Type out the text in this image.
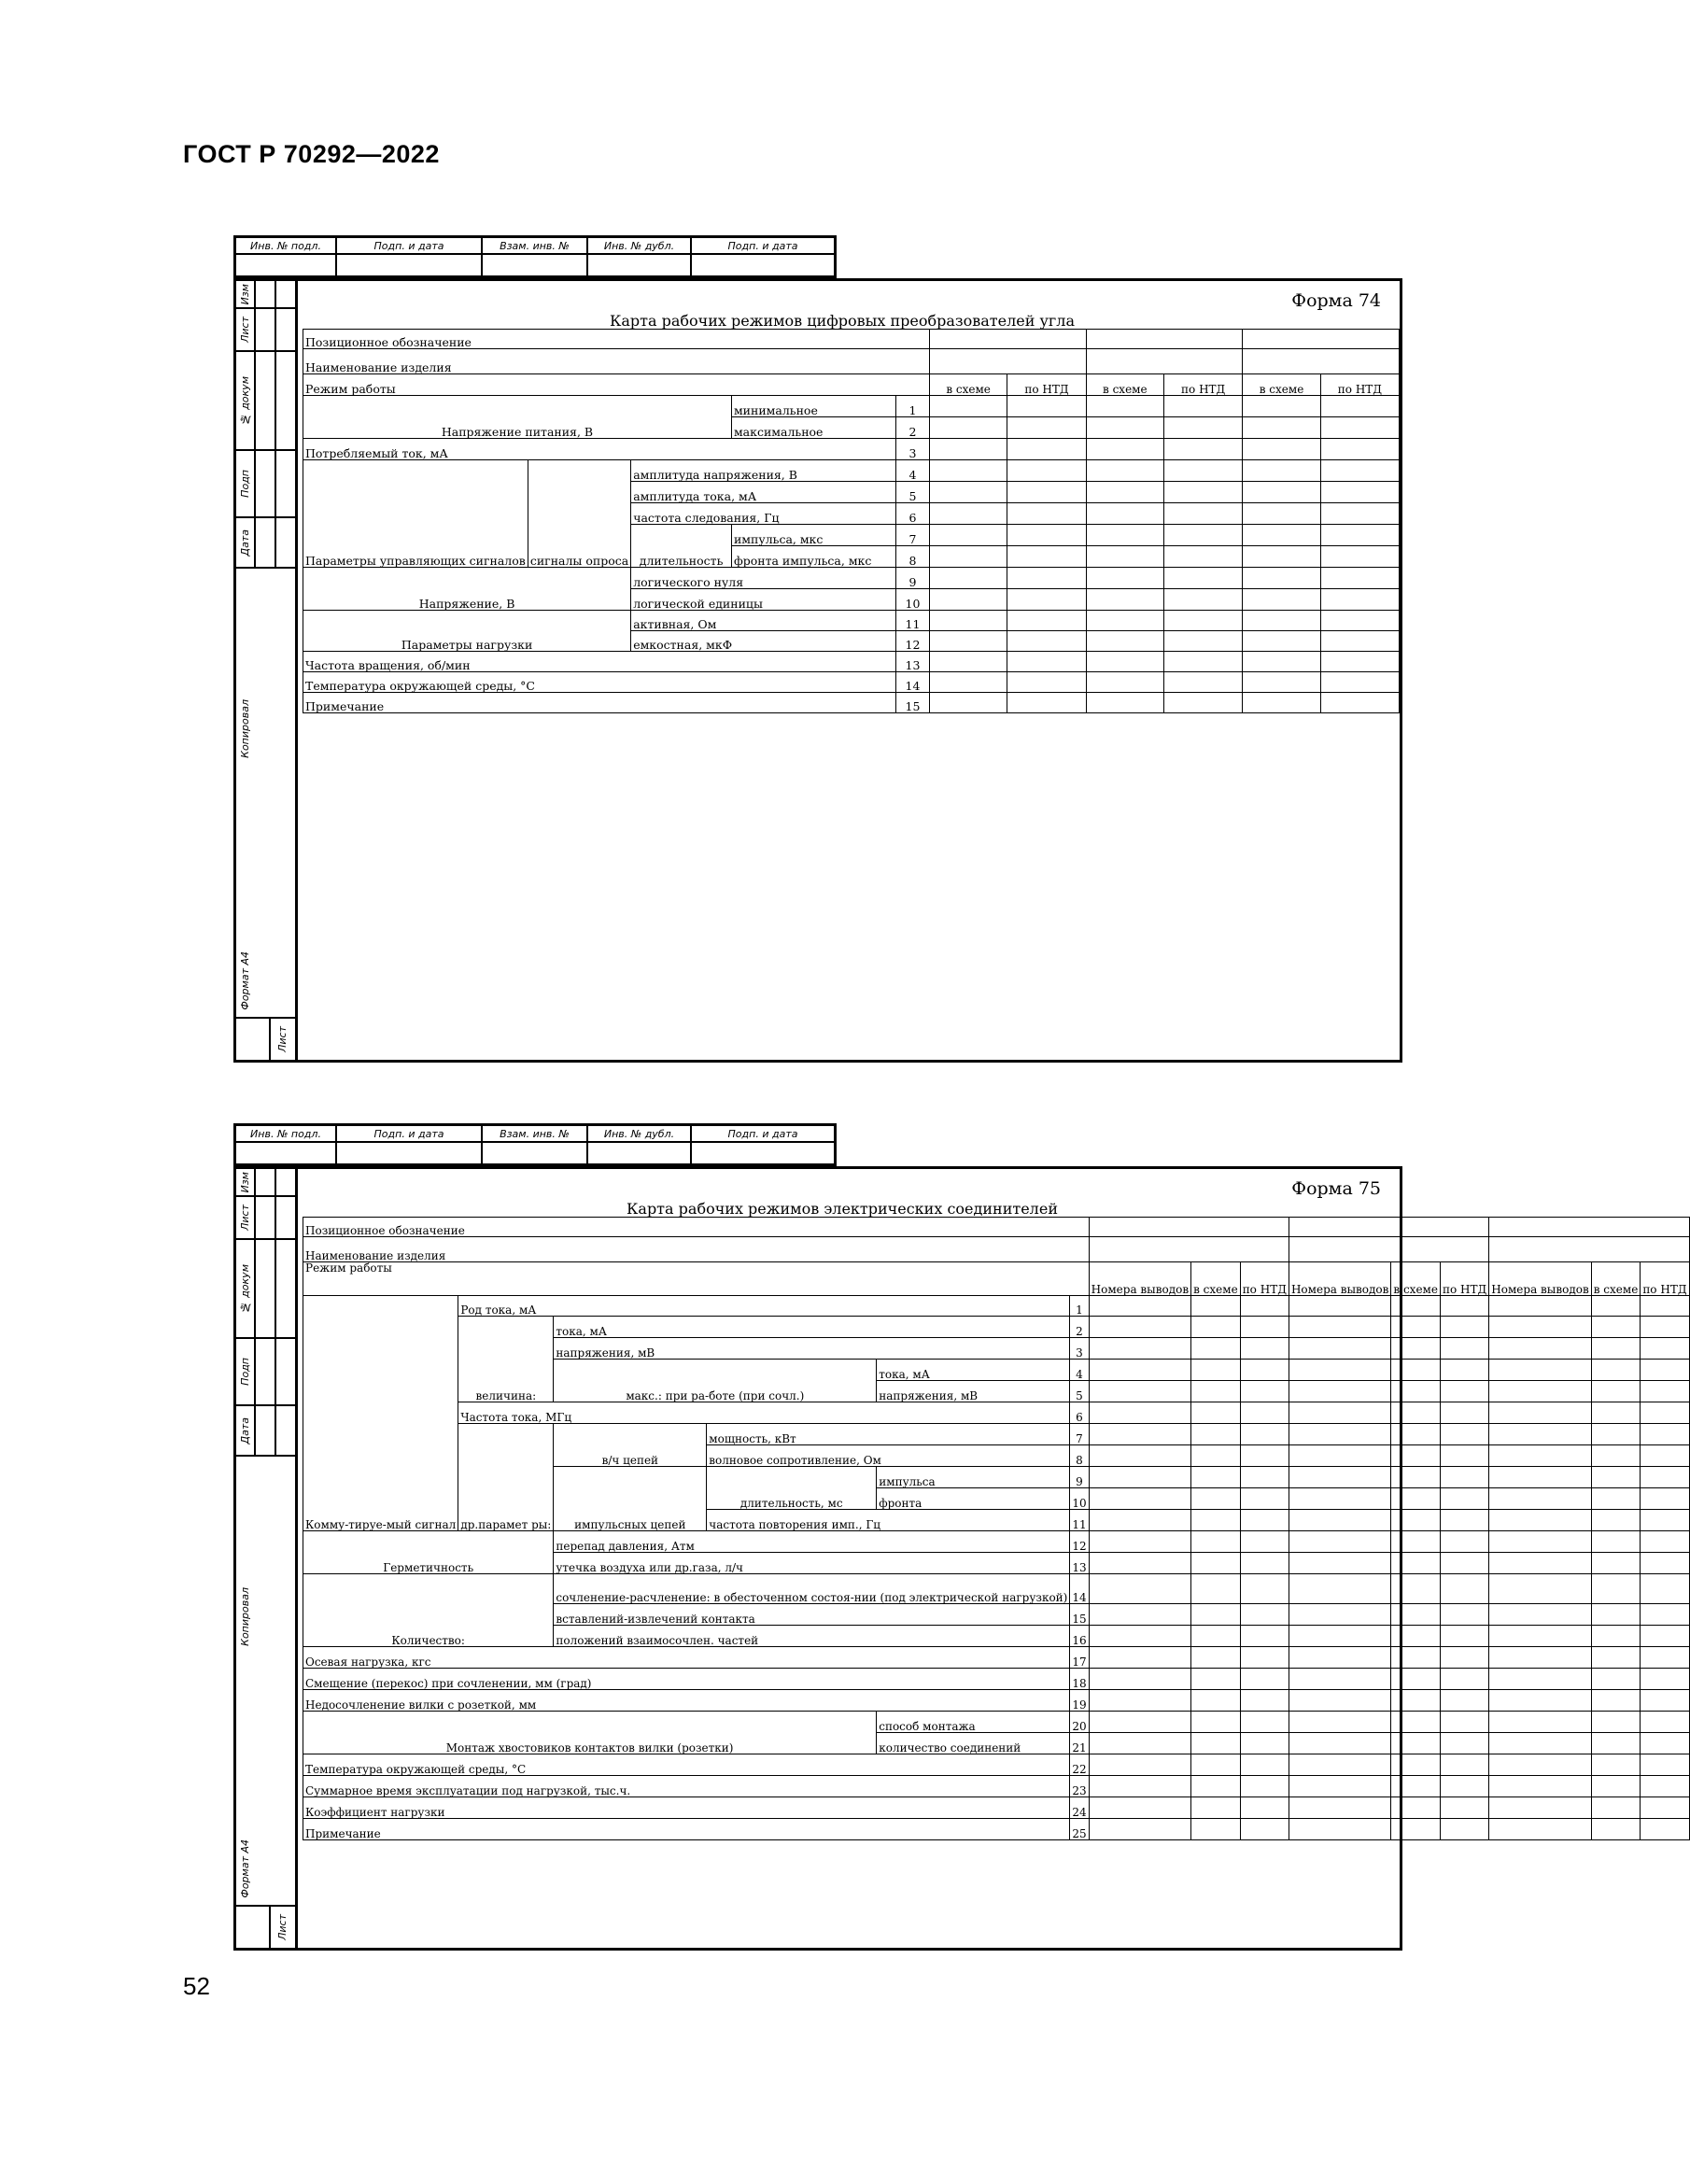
ГОСТ Р 70292—2022
Инв. № подл.	Подп. и дата	Взам. инв. №	Инв. № дубл.	Подп. и дата
Изм
Лист
№ докум
Подп
Дата
Копировал
Формат А4
Лист
Форма 74
Карта рабочих режимов цифровых преобразователей угла
Позиционное обозначение										
Наименование изделия										
Режим работы					в схеме	по НТД	в схеме	по НТД	в схеме	по НТД
Напряжение питания, В			минимальное	1						
			максимальное	2						
Потребляемый ток, мА				3						
Параметры управляющих сигналов	сигналы опроса	амплитуда напряжения, В		4						
		амплитуда тока, мА		5						
		частота следования, Гц		6						
		длительность	импульса, мкс	7						
			фронта импульса, мкс	8						
Напряжение, В		логического нуля		9						
		логической единицы		10						
Параметры нагрузки		активная, Ом		11						
		емкостная, мкФ		12						
Частота вращения, об/мин				13						
Температура окружающей среды, °С				14						
Примечание				15						
Инв. № подл.	Подп. и дата	Взам. инв. №	Инв. № дубл.	Подп. и дата
Изм
Лист
№ докум
Подп
Дата
Копировал
Формат А4
Лист
Форма 75
Карта рабочих режимов электрических соединителей
Позиционное обозначение														
Наименование изделия														
Режим работы						Номера выводов	в схеме	по НТД	Номера выводов	в схеме	по НТД	Номера выводов	в схеме	по НТД
Комму-тируе-мый сигнал	Род тока, мА				1									
	величина:	тока, мА			2									
		напряжения, мВ			3									
		макс.: при ра-боте (при сочл.)		тока, мА	4									
				напряжения, мВ	5									
	Частота тока, МГц				6									
	др.парамет ры:	в/ч цепей	мощность, кВт		7									
			волновое сопротивление, Ом		8									
		импульсных цепей	длительность, мс	импульса	9									
				фронта	10									
			частота повторения имп., Гц		11									
Герметичность		перепад давления, Атм			12									
		утечка воздуха или др.газа, л/ч			13									
Количество:		сочленение-расчленение: в обесточенном состоя-нии (под электрической нагрузкой)			14									
		вставлений-извлечений контакта			15									
		положений взаимосочлен. частей			16									
Осевая нагрузка, кгс					17									
Смещение (перекос) при сочленении, мм (град)					18									
Недосочленение вилки с розеткой, мм					19									
Монтаж хвостовиков контактов вилки (розетки)				способ монтажа	20									
				количество соединений	21									
Температура окружающей среды, °С					22									
Суммарное время эксплуатации под нагрузкой, тыс.ч.					23									
Коэффициент нагрузки					24									
Примечание					25									
52
